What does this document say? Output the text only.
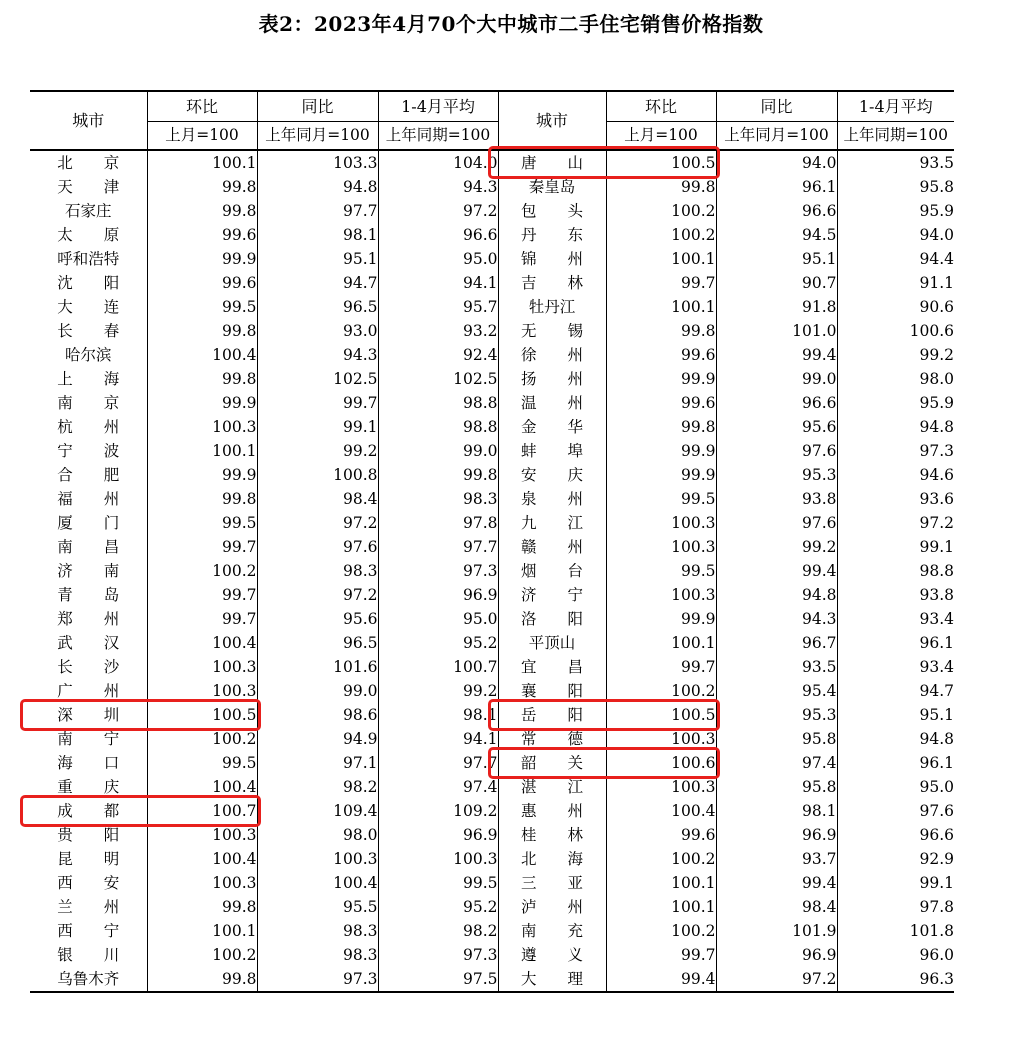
表2：2023年4月70个大中城市二手住宅销售价格指数
城市	环比	同比	1-4月平均	城市	环比	同比	1-4月平均
	上月=100	上年同月=100	上年同期=100		上月=100	上年同月=100	上年同期=100
北　　京	100.1	103.3	104.0	唐　　山	100.5	94.0	93.5
天　　津	99.8	94.8	94.3	秦皇岛	99.8	96.1	95.8
石家庄	99.8	97.7	97.2	包　　头	100.2	96.6	95.9
太　　原	99.6	98.1	96.6	丹　　东	100.2	94.5	94.0
呼和浩特	99.9	95.1	95.0	锦　　州	100.1	95.1	94.4
沈　　阳	99.6	94.7	94.1	吉　　林	99.7	90.7	91.1
大　　连	99.5	96.5	95.7	牡丹江	100.1	91.8	90.6
长　　春	99.8	93.0	93.2	无　　锡	99.8	101.0	100.6
哈尔滨	100.4	94.3	92.4	徐　　州	99.6	99.4	99.2
上　　海	99.8	102.5	102.5	扬　　州	99.9	99.0	98.0
南　　京	99.9	99.7	98.8	温　　州	99.6	96.6	95.9
杭　　州	100.3	99.1	98.8	金　　华	99.8	95.6	94.8
宁　　波	100.1	99.2	99.0	蚌　　埠	99.9	97.6	97.3
合　　肥	99.9	100.8	99.8	安　　庆	99.9	95.3	94.6
福　　州	99.8	98.4	98.3	泉　　州	99.5	93.8	93.6
厦　　门	99.5	97.2	97.8	九　　江	100.3	97.6	97.2
南　　昌	99.7	97.6	97.7	赣　　州	100.3	99.2	99.1
济　　南	100.2	98.3	97.3	烟　　台	99.5	99.4	98.8
青　　岛	99.7	97.2	96.9	济　　宁	100.3	94.8	93.8
郑　　州	99.7	95.6	95.0	洛　　阳	99.9	94.3	93.4
武　　汉	100.4	96.5	95.2	平顶山	100.1	96.7	96.1
长　　沙	100.3	101.6	100.7	宜　　昌	99.7	93.5	93.4
广　　州	100.3	99.0	99.2	襄　　阳	100.2	95.4	94.7
深　　圳	100.5	98.6	98.1	岳　　阳	100.5	95.3	95.1
南　　宁	100.2	94.9	94.1	常　　德	100.3	95.8	94.8
海　　口	99.5	97.1	97.7	韶　　关	100.6	97.4	96.1
重　　庆	100.4	98.2	97.4	湛　　江	100.3	95.8	95.0
成　　都	100.7	109.4	109.2	惠　　州	100.4	98.1	97.6
贵　　阳	100.3	98.0	96.9	桂　　林	99.6	96.9	96.6
昆　　明	100.4	100.3	100.3	北　　海	100.2	93.7	92.9
西　　安	100.3	100.4	99.5	三　　亚	100.1	99.4	99.1
兰　　州	99.8	95.5	95.2	泸　　州	100.1	98.4	97.8
西　　宁	100.1	98.3	98.2	南　　充	100.2	101.9	101.8
银　　川	100.2	98.3	97.3	遵　　义	99.7	96.9	96.0
乌鲁木齐	99.8	97.3	97.5	大　　理	99.4	97.2	96.3
